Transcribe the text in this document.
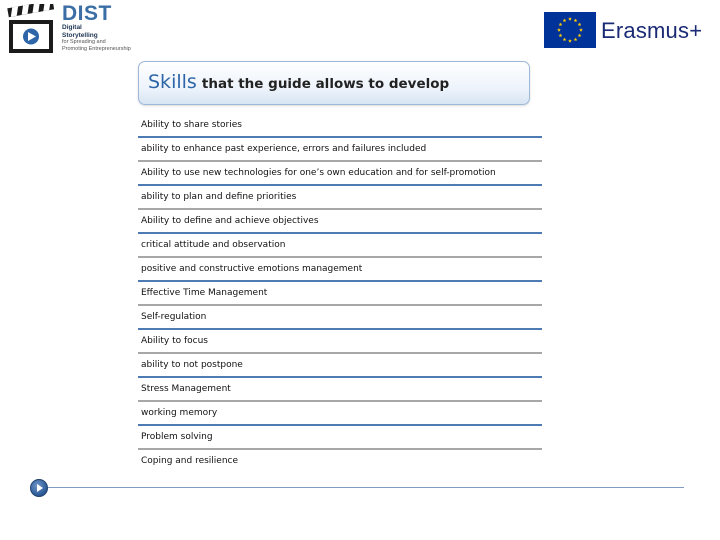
DIST
Digital
Storytelling
for Spreading and
Promoting Entrepreneurship
Erasmus+
Skills that the guide allows to develop
Ability to share stories
ability to enhance past experience, errors and failures included
Ability to use new technologies for one’s own education and for self-promotion
ability to plan and define priorities
Ability to define and achieve objectives
critical attitude and observation
positive and constructive emotions management
Effective Time Management
Self-regulation
Ability to focus
ability to not postpone
Stress Management
working memory
Problem solving
Coping and resilience
